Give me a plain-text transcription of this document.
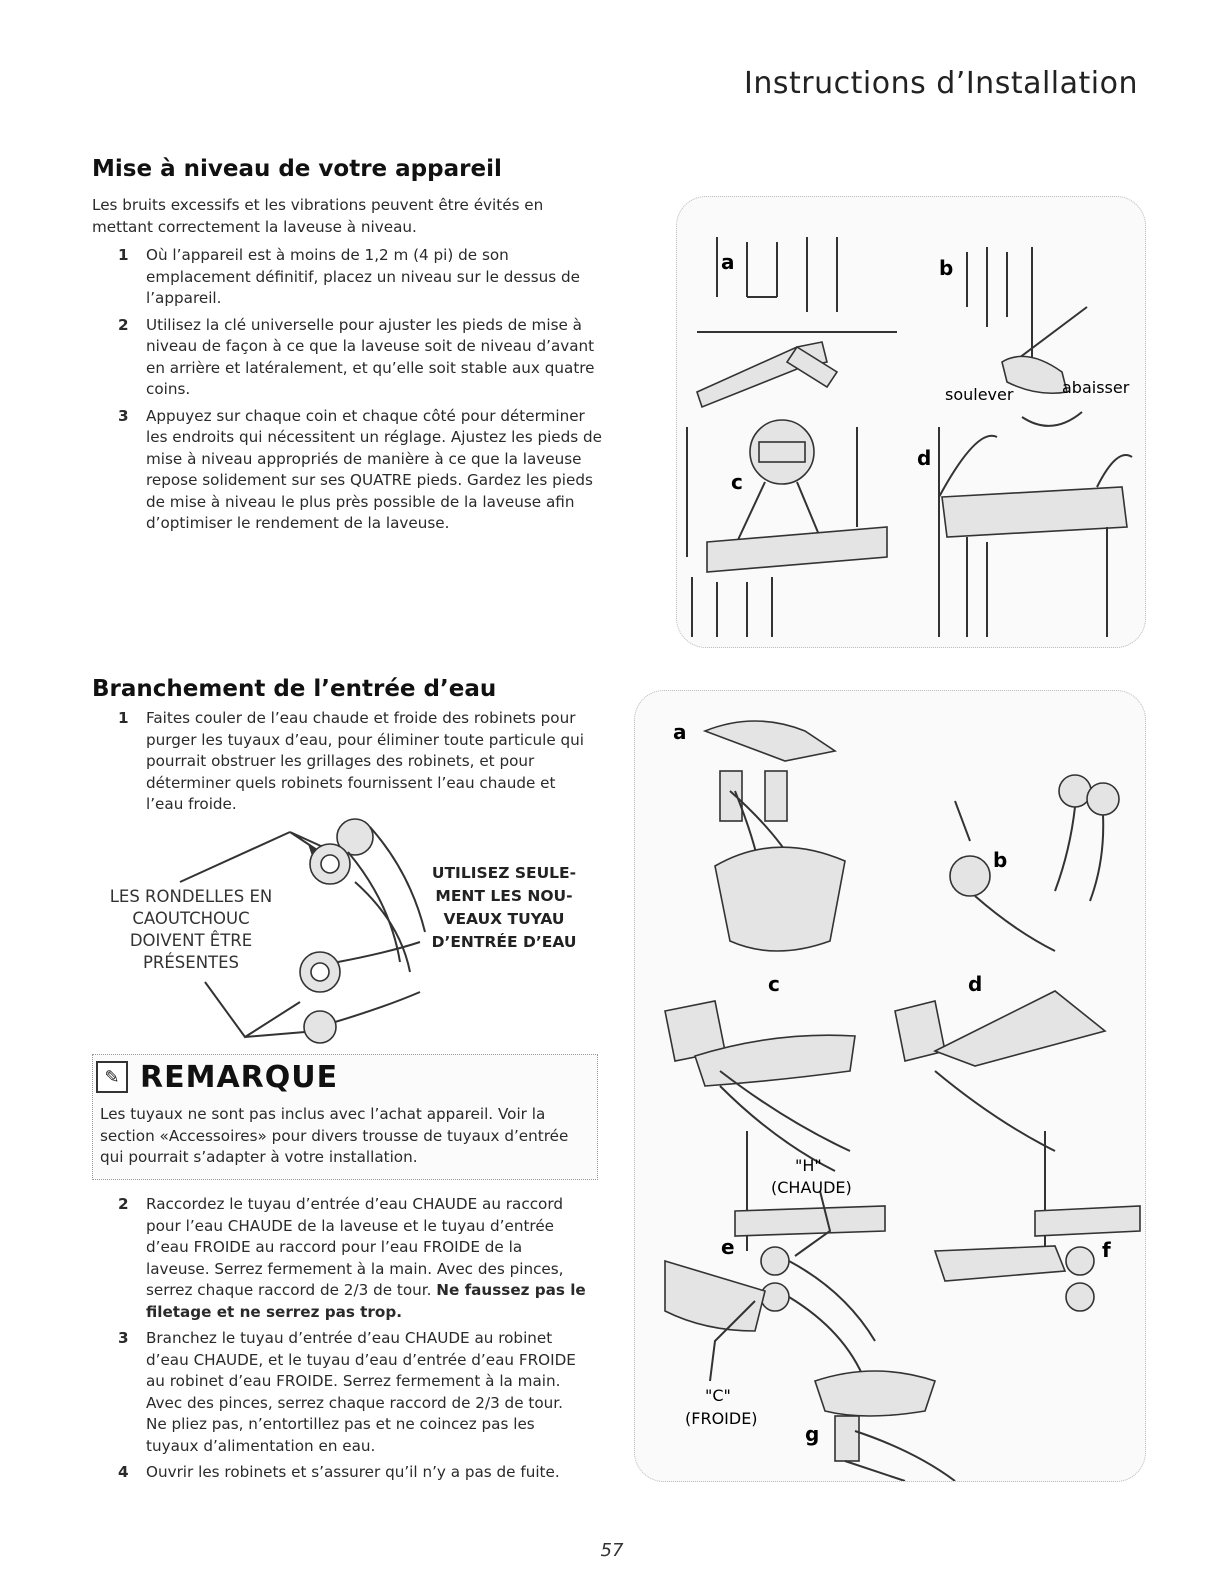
Instructions d’Installation
Mise à niveau de votre appareil
Les bruits excessifs et les vibrations peuvent être évités en mettant correctement la laveuse à niveau.
1 Où l’appareil est à moins de 1,2 m (4 pi) de son emplacement définitif, placez un niveau sur le dessus de l’appareil.
2 Utilisez la clé universelle pour ajuster les pieds de mise à niveau de façon à ce que la laveuse soit de niveau d’avant en arrière et latéralement, et qu’elle soit stable aux quatre coins.
3 Appuyez sur chaque coin et chaque côté pour déterminer les endroits qui nécessitent un réglage. Ajustez les pieds de mise à niveau appropriés de manière à ce que la laveuse repose solidement sur ses QUATRE pieds. Gardez les pieds de mise à niveau le plus près possible de la laveuse afin d’optimiser le rendement de la laveuse.
soulever	abaisser
a	b
c
d
Branchement de l’entrée d’eau
1 Faites couler de l’eau chaude et froide des robinets pour purger les tuyaux d’eau, pour éliminer toute particule qui pourrait obstruer les grillages des robinets, et pour déterminer quels robinets fournissent l’eau chaude et l’eau froide.
LES RONDELLES EN CAOUTCHOUC DOIVENT ÊTRE PRÉSENTES
UTILISEZ SEULE-MENT LES NOU-VEAUX TUYAU D’ENTRÉE D’EAU
✎ REMARQUE
Les tuyaux ne sont pas inclus avec l’achat appareil. Voir la section «Accessoires» pour divers trousse de tuyaux d’entrée qui pourrait s’adapter à votre installation.
2 Raccordez le tuyau d’entrée d’eau CHAUDE au raccord pour l’eau CHAUDE de la laveuse et le tuyau d’entrée d’eau FROIDE au raccord pour l’eau FROIDE de la laveuse. Serrez fermement à la main. Avec des pinces, serrez chaque raccord de 2/3 de tour. Ne faussez pas le filetage et ne serrez pas trop.
3 Branchez le tuyau d’entrée d’eau CHAUDE au robinet d’eau CHAUDE, et le tuyau d’eau d’entrée d’eau FROIDE au robinet d’eau FROIDE. Serrez fermement à la main. Avec des pinces, serrez chaque raccord de 2/3 de tour. Ne pliez pas, n’entortillez pas et ne coincez pas les tuyaux d’alimentation en eau.
4 Ouvrir les robinets et s’assurer qu’il n’y a pas de fuite.
"H"
(CHAUDE)
"C"
(FROIDE)
a
b
c	d
e	f
g
57
